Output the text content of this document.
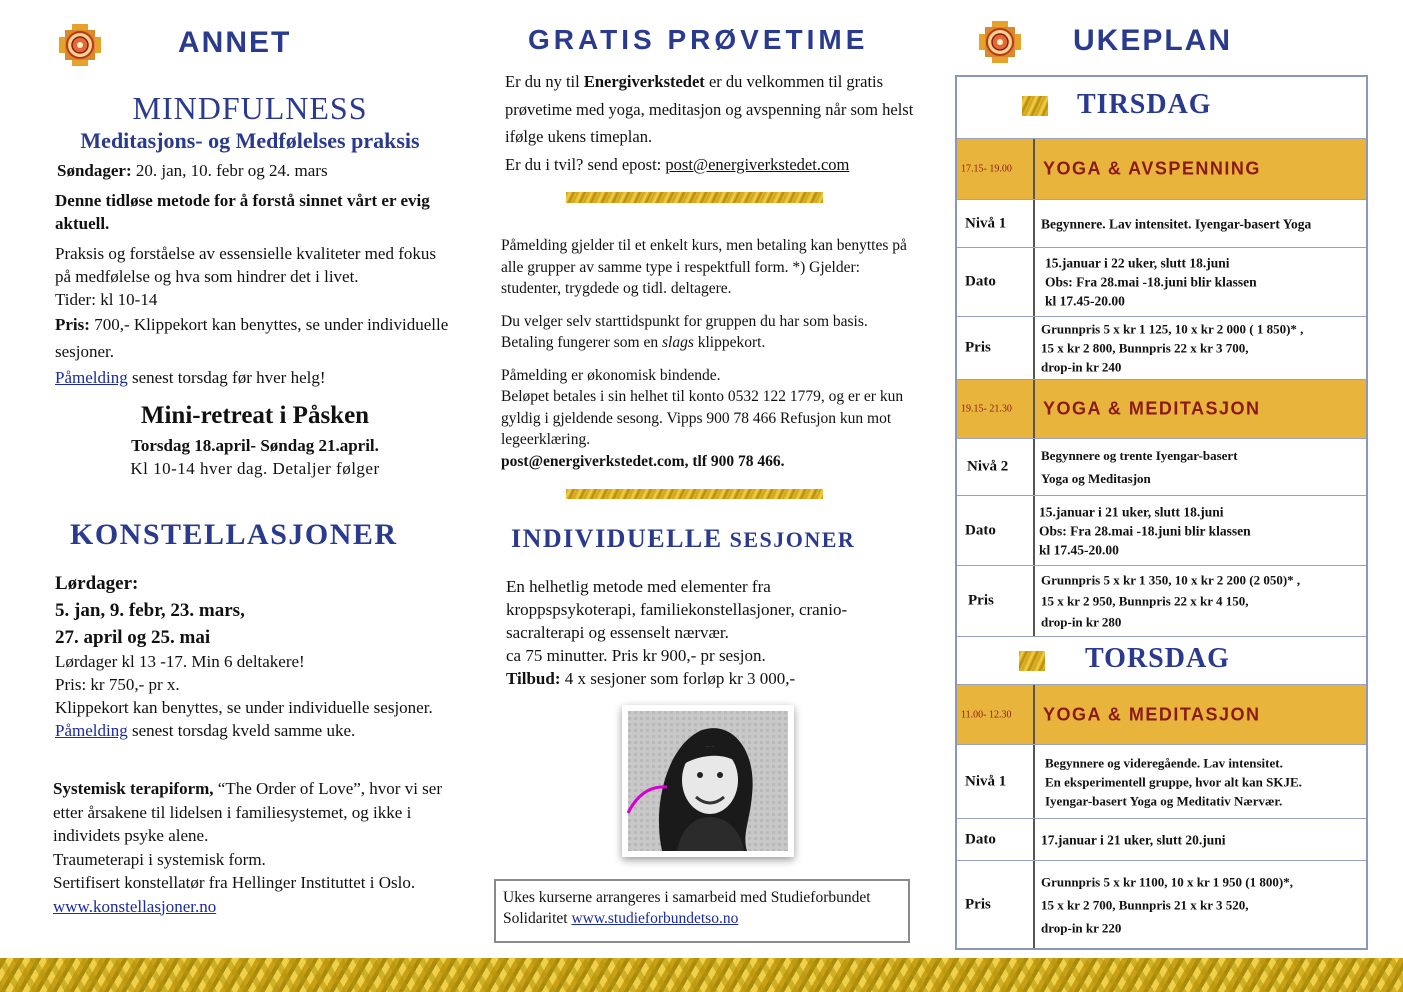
ANNET
MINDFULNESS
Meditasjons- og Medfølelses praksis
Søndager: 20. jan, 10. febr og 24. mars
Denne tidløse metode for å forstå sinnet vårt er evig aktuell.

Praksis og forståelse av essensielle kvaliteter med fokus på medfølelse og hva som hindrer det i livet.

Tider: kl 10-14

Pris: 700,- Klippekort kan benyttes, se under individuelle sesjoner.

Påmelding senest torsdag før hver helg!

Mini-retreat i Påsken
Torsdag 18.april- Søndag 21.april.
Kl 10-14 hver dag. Detaljer følger
KONSTELLASJONER

Lørdager:

5. jan, 9. febr, 23. mars,

27. april og 25. mai

Lørdager kl 13 -17. Min 6 deltakere!

Pris: kr 750,- pr x.

Klippekort kan benyttes, se under individuelle sesjoner.

Påmelding senest torsdag kveld samme uke.

Systemisk terapiform, “The Order of Love”, hvor vi ser etter årsakene til lidelsen i familiesystemet, og ikke i individets psyke alene.

Traumeterapi i systemisk form.

Sertifisert konstellatør fra Hellinger Instituttet i Oslo. www.konstellasjoner.no

GRATIS PRØVETIME
Er du ny til Energiverkstedet er du velkommen til gratis prøvetime med yoga, meditasjon og avspenning når som helst ifølge ukens timeplan.
Er du i tvil? send epost: post@energiverkstedet.com

Påmelding gjelder til et enkelt kurs, men betaling kan benyttes på alle grupper av samme type i respektfull form. *) Gjelder: studenter, trygdede og tidl. deltagere.

Du velger selv starttidspunkt for gruppen du har som basis. Betaling fungerer som en slags klippekort.

Påmelding er økonomisk bindende.
Beløpet betales i sin helhet til konto 0532 122 1779, og er er kun gyldig i gjeldende sesong. Vipps 900 78 466 Refusjon kun mot legeerklæring.

post@energiverkstedet.com, tlf 900 78 466.

INDIVIDUELLE SESJONER

En helhetlig metode med elementer fra kroppspsykoterapi, familiekonstellasjoner, cranio-sacralterapi og essenselt nærvær.

ca 75 minutter. Pris kr 900,- pr sesjon.

Tilbud: 4 x sesjoner som forløp kr 3 000,-

Ukes kurserne arrangeres i samarbeid med Studieforbundet Solidaritet www.studieforbundetso.no
UKEPLAN
TIRSDAG
17.15- 19.00 YOGA & AVSPENNING
Nivå 1	Begynnere. Lav intensitet. Iyengar-basert Yoga
Dato
15.januar i 22 uker, slutt 18.juni
Obs: Fra 28.mai -18.juni blir klassen
kl 17.45-20.00
Pris
Grunnpris 5 x kr 1 125, 10 x kr 2 000 ( 1 850)* ,
15 x kr 2 800, Bunnpris 22 x kr 3 700,
drop-in kr 240
19.15- 21.30 YOGA & MEDITASJON
Nivå 2
Begynnere og trente Iyengar-basert
Yoga og Meditasjon
Dato
15.januar i 21 uker, slutt 18.juni
Obs: Fra 28.mai -18.juni blir klassen
kl 17.45-20.00
Pris
Grunnpris 5 x kr 1 350, 10 x kr 2 200 (2 050)* ,
15 x kr 2 950, Bunnpris 22 x kr 4 150,
drop-in kr 280
TORSDAG
11.00- 12.30 YOGA & MEDITASJON
Nivå 1
Begynnere og videregående. Lav intensitet.
En eksperimentell gruppe, hvor alt kan SKJE.
Iyengar-basert Yoga og Meditativ Nærvær.
Dato	17.januar i 21 uker, slutt 20.juni
Pris
Grunnpris 5 x kr 1100, 10 x kr 1 950 (1 800)*,
15 x kr 2 700, Bunnpris 21 x kr 3 520,
drop-in kr 220
